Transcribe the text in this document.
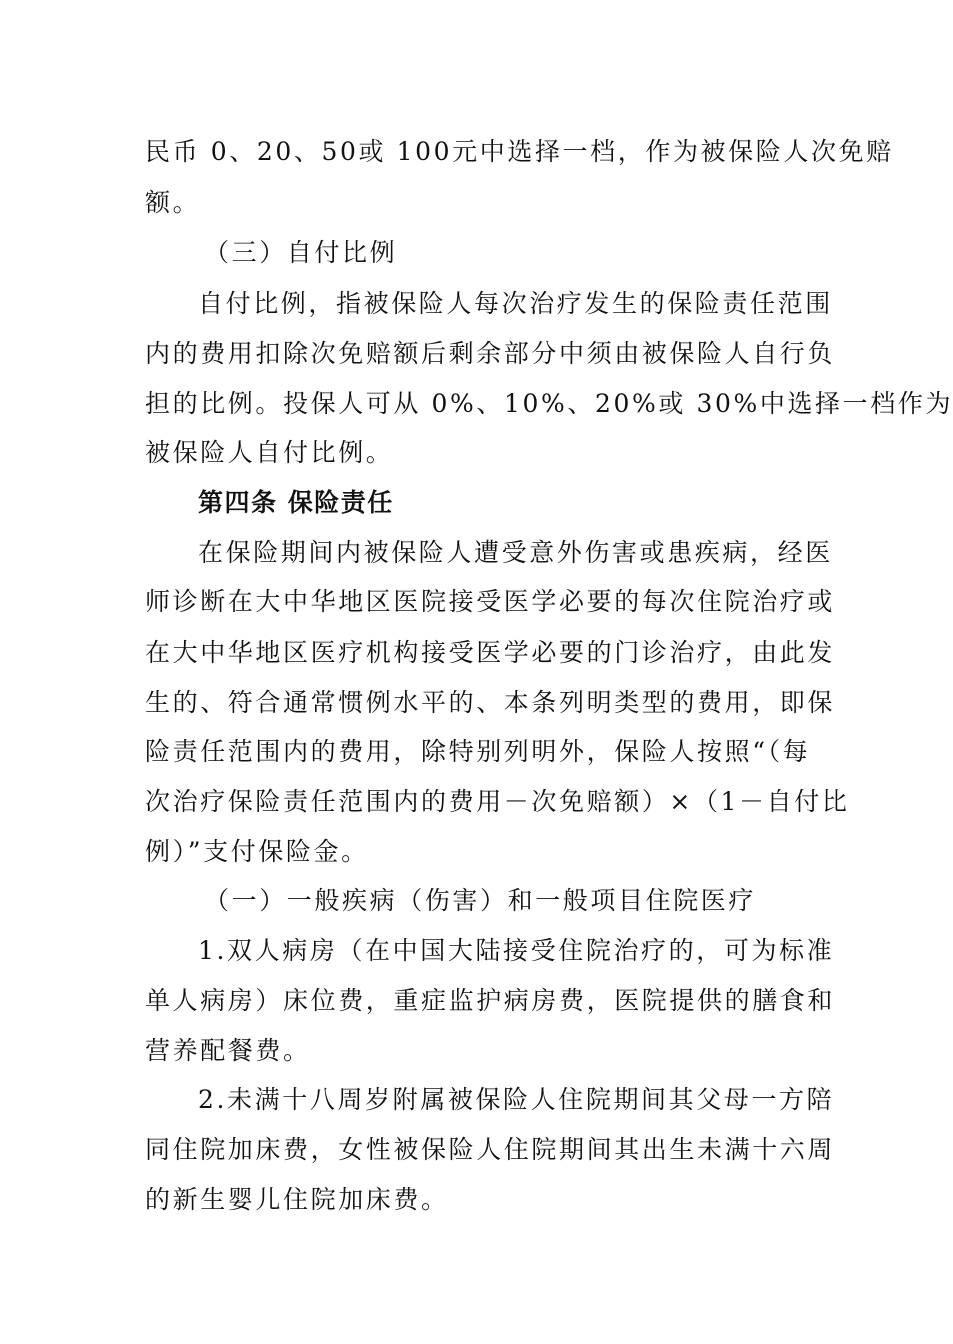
民币 0、20、50或 100元中选择一档，作为被保险人次免赔
额。
（三）自付比例
自付比例，指被保险人每次治疗发生的保险责任范围
内的费用扣除次免赔额后剩余部分中须由被保险人自行负
担的比例。投保人可从 0%、10%、20%或 30%中选择一档作为
被保险人自付比例。
第四条 保险责任
在保险期间内被保险人遭受意外伤害或患疾病，经医
师诊断在大中华地区医院接受医学必要的每次住院治疗或
在大中华地区医疗机构接受医学必要的门诊治疗，由此发
生的、符合通常惯例水平的、本条列明类型的费用，即保
险责任范围内的费用，除特别列明外，保险人按照“（每
次治疗保险责任范围内的费用－次免赔额）×（1－自付比
例）”支付保险金。
（一）一般疾病（伤害）和一般项目住院医疗
1.双人病房（在中国大陆接受住院治疗的，可为标准
单人病房）床位费，重症监护病房费，医院提供的膳食和
营养配餐费。
2.未满十八周岁附属被保险人住院期间其父母一方陪
同住院加床费，女性被保险人住院期间其出生未满十六周
的新生婴儿住院加床费。
